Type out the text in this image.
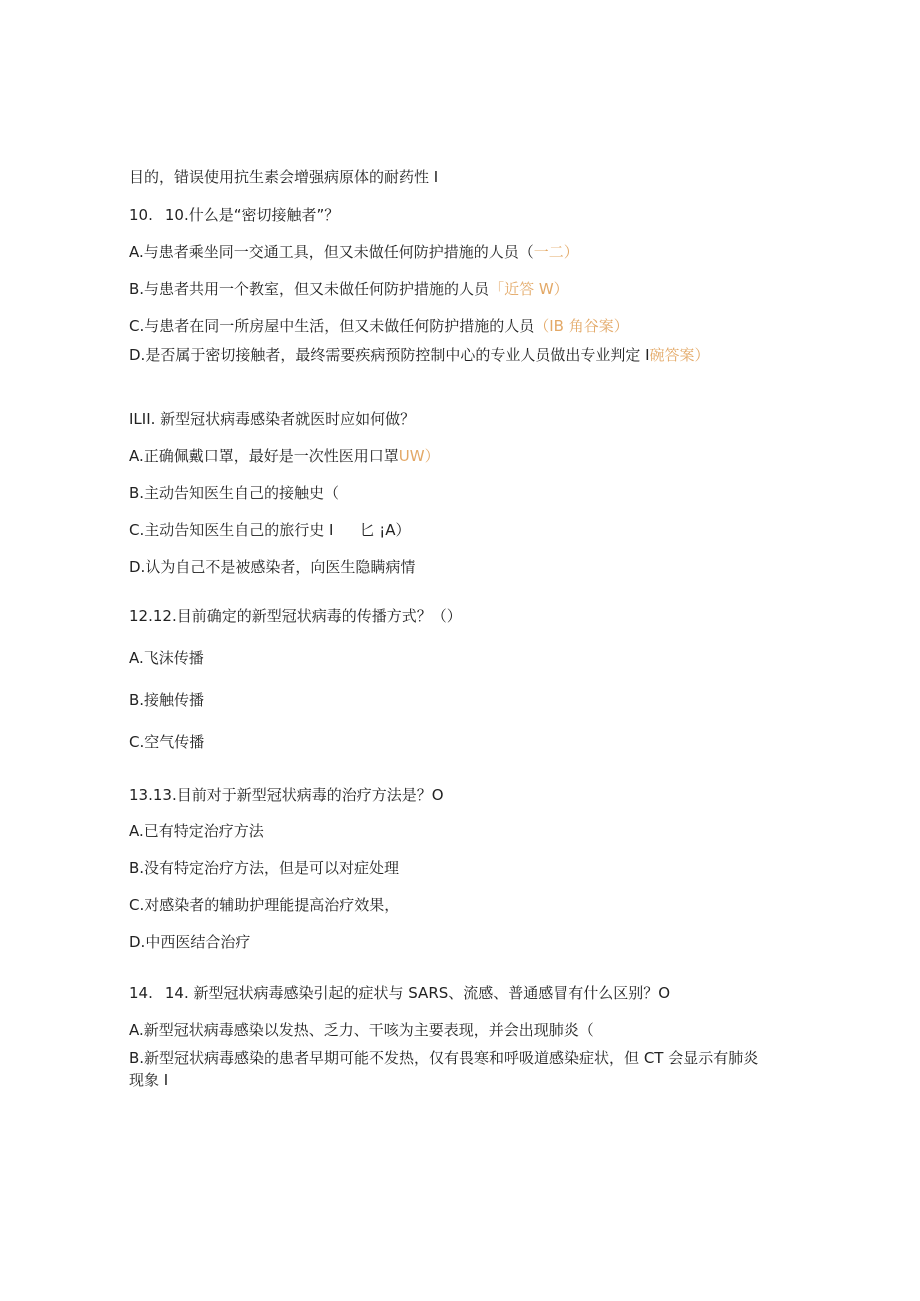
目的，错误使用抗生素会增强病原体的耐药性 I
10. 10.什么是“密切接触者”？
A.与患者乘坐同一交通工具，但又未做任何防护措施的人员（一二）
B.与患者共用一个教室，但又未做任何防护措施的人员「近答 W）
C.与患者在同一所房屋中生活，但又未做任何防护措施的人员（IB 角谷案）
D.是否属于密切接触者，最终需要疾病预防控制中心的专业人员做出专业判定 I碗答案）
ILII. 新型冠状病毒感染者就医时应如何做？
A.正确佩戴口罩，最好是一次性医用口罩UW）
B.主动告知医生自己的接触史（
C.主动告知医生自己的旅行史 I 匕 ¡A）
D.认为自己不是被感染者，向医生隐瞒病情
12.12.目前确定的新型冠状病毒的传播方式？（）
A.飞沫传播
B.接触传播
C.空气传播
13.13.目前对于新型冠状病毒的治疗方法是？O
A.已有特定治疗方法
B.没有特定治疗方法，但是可以对症处理
C.对感染者的辅助护理能提高治疗效果，
D.中西医结合治疗
14. 14. 新型冠状病毒感染引起的症状与 SARS、流感、普通感冒有什么区别？O
A.新型冠状病毒感染以发热、乏力、干咳为主要表现，并会出现肺炎（
B.新型冠状病毒感染的患者早期可能不发热，仅有畏寒和呼吸道感染症状，但 CT 会显示有肺炎现象 I
